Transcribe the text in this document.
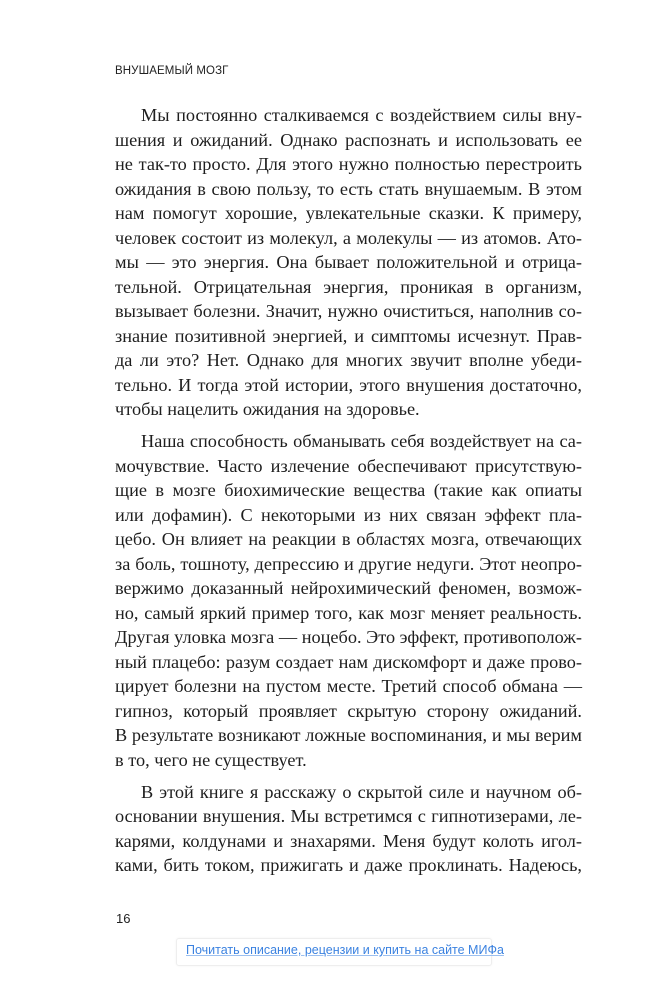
ВНУШАЕМЫЙ МОЗГ
Мы постоянно сталкиваемся с воздействием силы вну-
шения и ожиданий. Однако распознать и использовать ее
не так-то просто. Для этого нужно полностью перестроить
ожидания в свою пользу, то есть стать внушаемым. В этом
нам помогут хорошие, увлекательные сказки. К примеру,
человек состоит из молекул, а молекулы — из атомов. Ато-
мы — это энергия. Она бывает положительной и отрица-
тельной. Отрицательная энергия, проникая в организм,
вызывает болезни. Значит, нужно очиститься, наполнив со-
знание позитивной энергией, и симптомы исчезнут. Прав-
да ли это? Нет. Однако для многих звучит вполне убеди-
тельно. И тогда этой истории, этого внушения достаточно,
чтобы нацелить ожидания на здоровье.
Наша способность обманывать себя воздействует на са-
мочувствие. Часто излечение обеспечивают присутствую-
щие в мозге биохимические вещества (такие как опиаты
или дофамин). С некоторыми из них связан эффект пла-
цебо. Он влияет на реакции в областях мозга, отвечающих
за боль, тошноту, депрессию и другие недуги. Этот неопро-
вержимо доказанный нейрохимический феномен, возмож-
но, самый яркий пример того, как мозг меняет реальность.
Другая уловка мозга — ноцебо. Это эффект, противополож-
ный плацебо: разум создает нам дискомфорт и даже прово-
цирует болезни на пустом месте. Третий способ обмана —
гипноз, который проявляет скрытую сторону ожиданий.
В результате возникают ложные воспоминания, и мы верим
в то, чего не существует.
В этой книге я расскажу о скрытой силе и научном об-
основании внушения. Мы встретимся с гипнотизерами, ле-
карями, колдунами и знахарями. Меня будут колоть игол-
ками, бить током, прижигать и даже проклинать. Надеюсь,
16
Почитать описание, рецензии и купить на сайте МИФа
